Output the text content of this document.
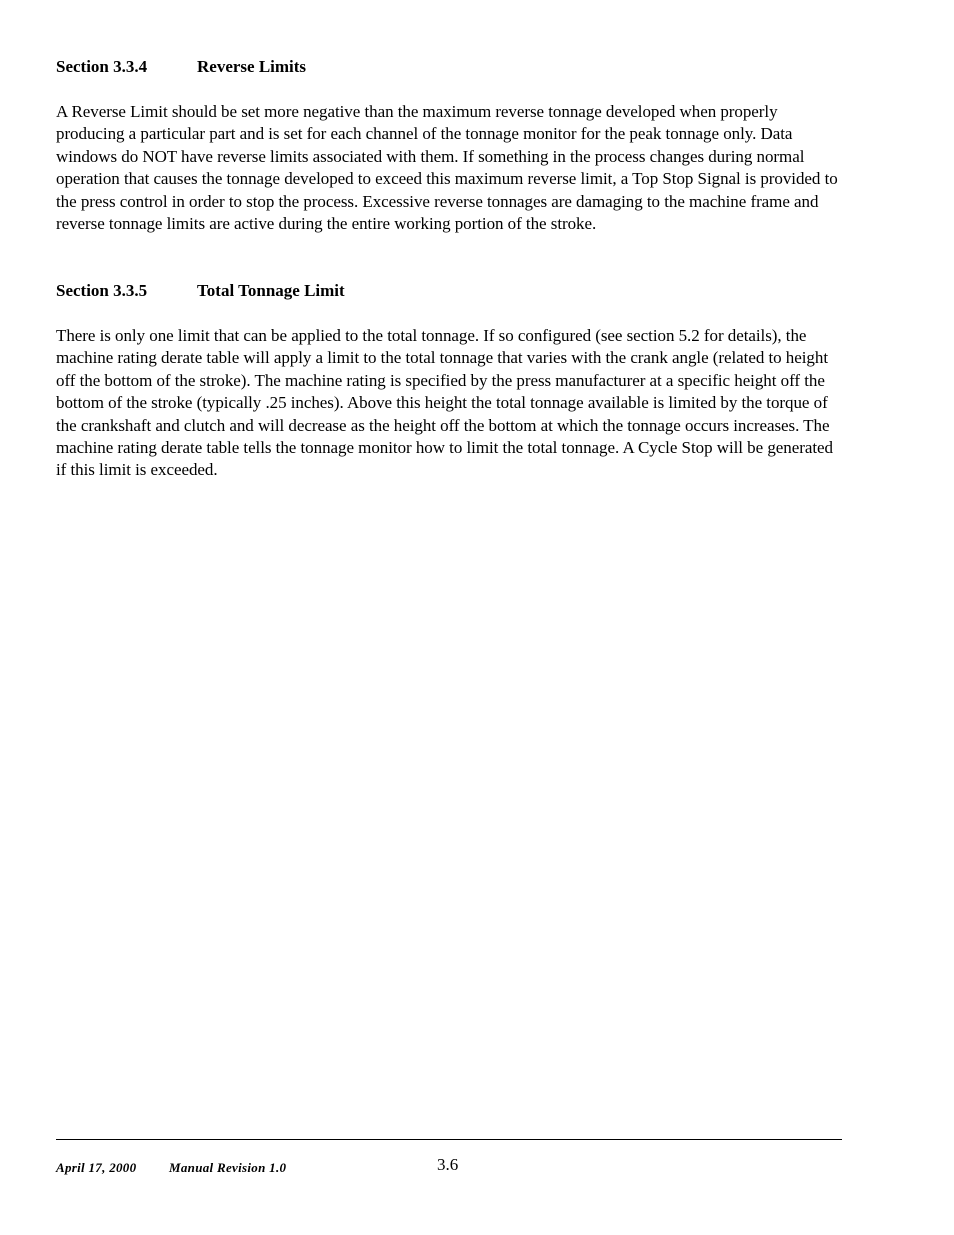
Section 3.3.4	Reverse Limits

A Reverse Limit should be set more negative than the maximum reverse tonnage developed when properly producing a particular part and is set for each channel of the tonnage monitor for the peak tonnage only. Data windows do NOT have reverse limits associated with them. If something in the process changes during normal operation that causes the tonnage developed to exceed this maximum reverse limit, a Top Stop Signal is provided to the press control in order to stop the process. Excessive reverse tonnages are damaging to the machine frame and reverse tonnage limits are active during the entire working portion of the stroke.

Section 3.3.5	Total Tonnage Limit

There is only one limit that can be applied to the total tonnage. If so configured (see section 5.2 for details), the machine rating derate table will apply a limit to the total tonnage that varies with the crank angle (related to height off the bottom of the stroke). The machine rating is specified by the press manufacturer at a specific height off the bottom of the stroke (typically .25 inches). Above this height the total tonnage available is limited by the torque of the crankshaft and clutch and will decrease as the height off the bottom at which the tonnage occurs increases. The machine rating derate table tells the tonnage monitor how to limit the total tonnage. A Cycle Stop will be generated if this limit is exceeded.

April 17, 2000	Manual Revision 1.0	3.6
